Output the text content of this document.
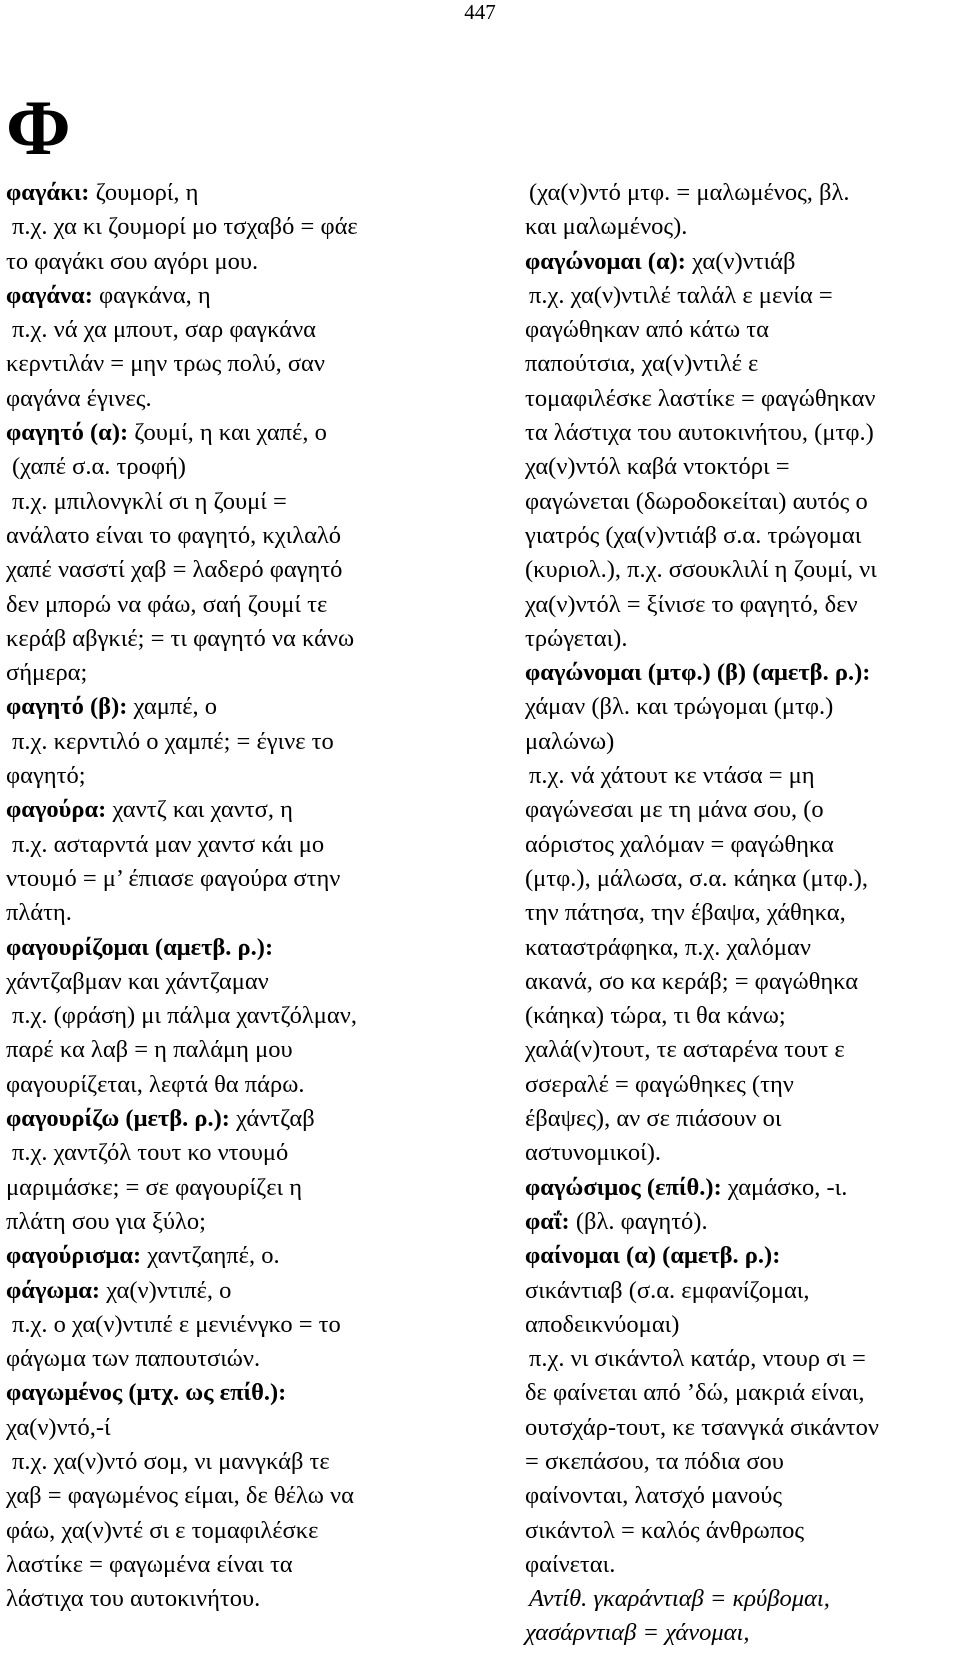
447
Φ
φαγάκι: ζουμορί, η
π.χ. χα κι ζουμορί μο τσχαβό = φάε
το φαγάκι σου αγόρι μου.
φαγάνα: φαγκάνα, η
π.χ. νά χα μπουτ, σαρ φαγκάνα
κερντιλάν = μην τρως πολύ, σαν
φαγάνα έγινες.
φαγητό (α): ζουμί, η και χαπέ, ο
(χαπέ σ.α. τροφή)
π.χ. μπιλονγκλί σι η ζουμί =
ανάλατο είναι το φαγητό, κχιλαλό
χαπέ νασστί χαβ = λαδερό φαγητό
δεν μπορώ να φάω, σαή ζουμί τε
κεράβ αβγκιέ; = τι φαγητό να κάνω
σήμερα;
φαγητό (β): χαμπέ, ο
π.χ. κερντιλό ο χαμπέ; = έγινε το
φαγητό;
φαγούρα: χαντζ και χαντσ, η
π.χ. ασταρντά μαν χαντσ κάι μο
ντουμό = μ’ έπιασε φαγούρα στην
πλάτη.
φαγουρίζομαι (αμετβ. ρ.):
χάντζαβμαν και χάντζαμαν
π.χ. (φράση) μι πάλμα χαντζόλμαν,
παρέ κα λαβ = η παλάμη μου
φαγουρίζεται, λεφτά θα πάρω.
φαγουρίζω (μετβ. ρ.): χάντζαβ
π.χ. χαντζόλ τουτ κο ντουμό
μαριμάσκε; = σε φαγουρίζει η
πλάτη σου για ξύλο;
φαγούρισμα: χαντζαηπέ, ο.
φάγωμα: χα(ν)ντιπέ, ο
π.χ. ο χα(ν)ντιπέ ε μενιένγκο = το
φάγωμα των παπουτσιών.
φαγωμένος (μτχ. ως επίθ.):
χα(ν)ντό,-ί
π.χ. χα(ν)ντό σομ, νι μανγκάβ τε
χαβ = φαγωμένος είμαι, δε θέλω να
φάω, χα(ν)ντέ σι ε τομαφιλέσκε
λαστίκε = φαγωμένα είναι τα
λάστιχα του αυτοκινήτου.
(χα(ν)ντό μτφ. = μαλωμένος, βλ.
και μαλωμένος).
φαγώνομαι (α): χα(ν)ντιάβ
π.χ. χα(ν)ντιλέ ταλάλ ε μενία =
φαγώθηκαν από κάτω τα
παπούτσια, χα(ν)ντιλέ ε
τομαφιλέσκε λαστίκε = φαγώθηκαν
τα λάστιχα του αυτοκινήτου, (μτφ.)
χα(ν)ντόλ καβά ντοκτόρι =
φαγώνεται (δωροδοκείται) αυτός ο
γιατρός (χα(ν)ντιάβ σ.α. τρώγομαι
(κυριολ.), π.χ. σσουκλιλί η ζουμί, νι
χα(ν)ντόλ = ξίνισε το φαγητό, δεν
τρώγεται).
φαγώνομαι (μτφ.) (β) (αμετβ. ρ.):
χάμαν (βλ. και τρώγομαι (μτφ.)
μαλώνω)
π.χ. νά χάτουτ κε ντάσα = μη
φαγώνεσαι με τη μάνα σου, (ο
αόριστος χαλόμαν = φαγώθηκα
(μτφ.), μάλωσα, σ.α. κάηκα (μτφ.),
την πάτησα, την έβαψα, χάθηκα,
καταστράφηκα, π.χ. χαλόμαν
ακανά, σο κα κεράβ; = φαγώθηκα
(κάηκα) τώρα, τι θα κάνω;
χαλά(ν)τουτ, τε ασταρένα τουτ ε
σσεραλέ = φαγώθηκες (την
έβαψες), αν σε πιάσουν οι
αστυνομικοί).
φαγώσιμος (επίθ.): χαμάσκο, -ι.
φαΐ: (βλ. φαγητό).
φαίνομαι (α) (αμετβ. ρ.):
σικάντιαβ (σ.α. εμφανίζομαι,
αποδεικνύομαι)
π.χ. νι σικάντολ κατάρ, ντουρ σι =
δε φαίνεται από ’δώ, μακριά είναι,
ουτσχάρ-τουτ, κε τσανγκά σικάντον
= σκεπάσου, τα πόδια σου
φαίνονται, λατσχό μανούς
σικάντολ = καλός άνθρωπος
φαίνεται.
Αντίθ. γκαράντιαβ = κρύβομαι,
χασάρντιαβ = χάνομαι,
